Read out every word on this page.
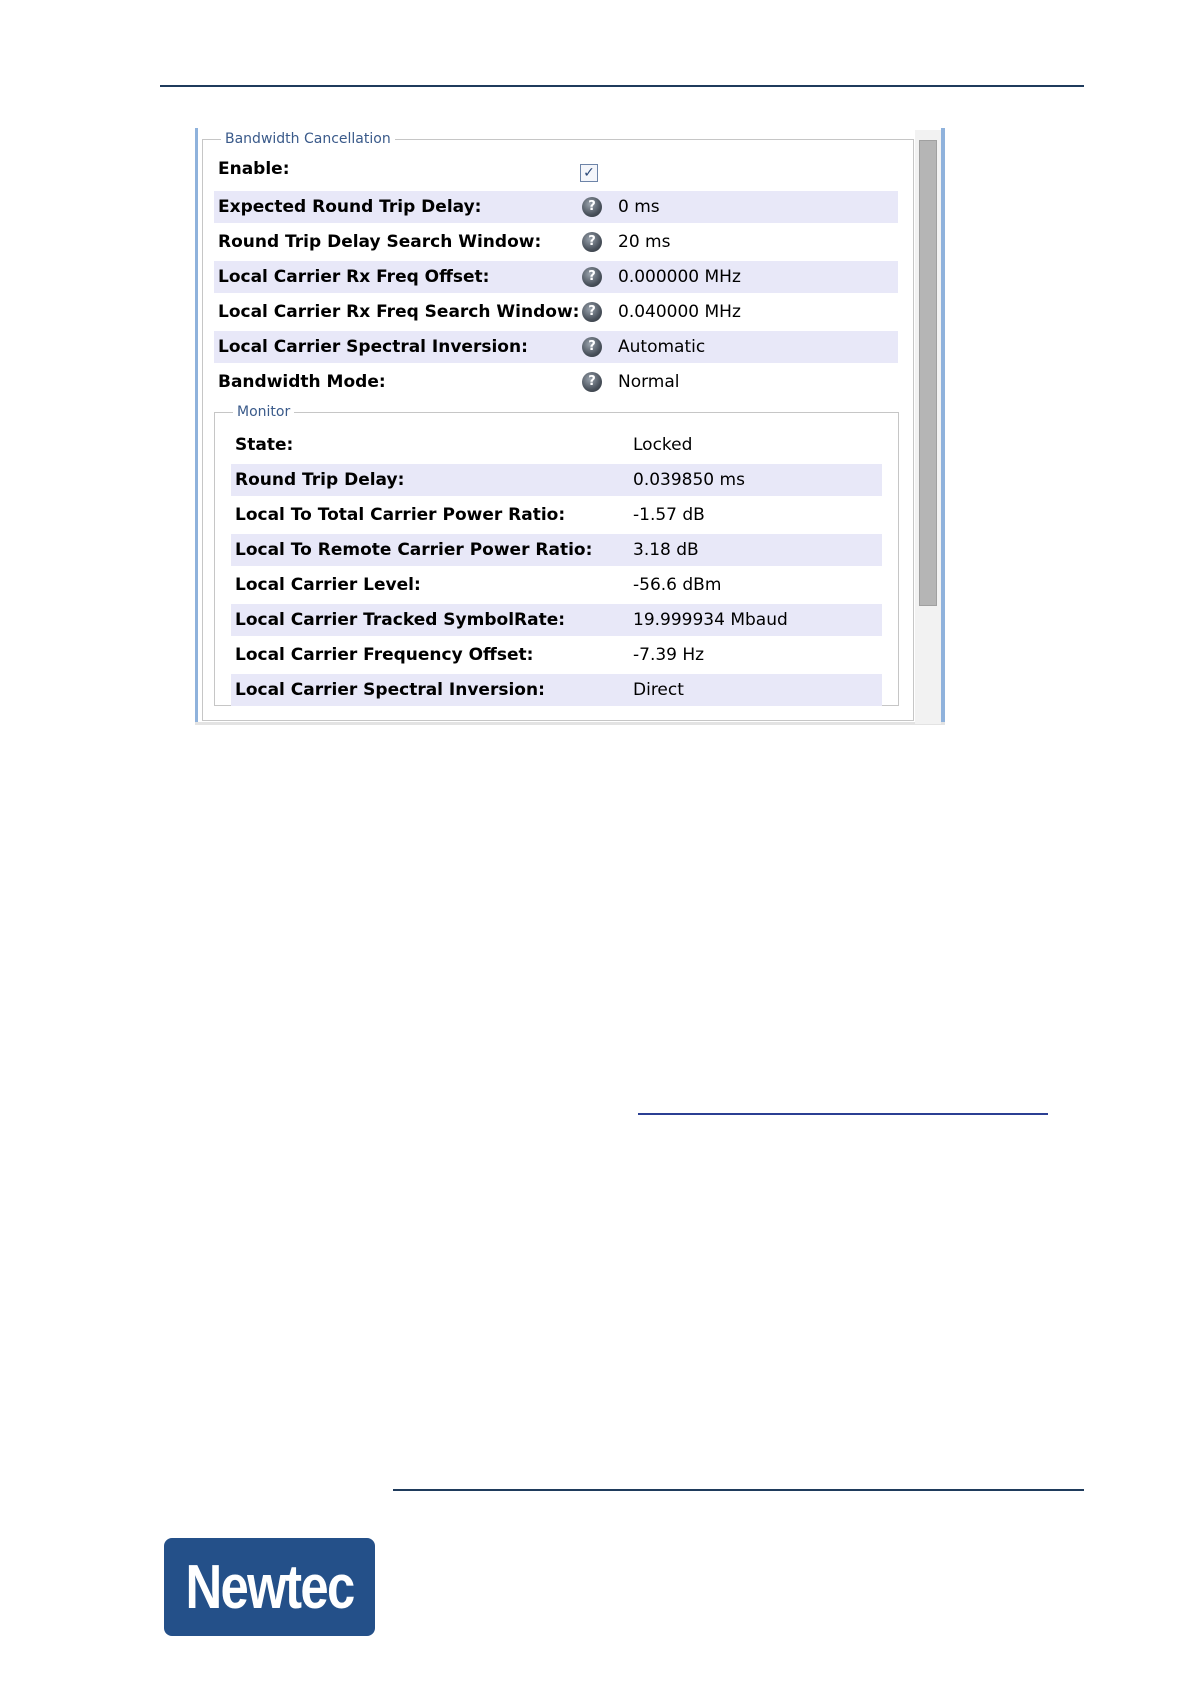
Bandwidth Cancellation
Enable:	✓
Expected Round Trip Delay:	?	0 ms
Round Trip Delay Search Window:	?	20 ms
Local Carrier Rx Freq Offset:	?	0.000000 MHz
Local Carrier Rx Freq Search Window: ?	0.040000 MHz
Local Carrier Spectral Inversion:	?	Automatic
Bandwidth Mode:	?	Normal
Monitor
State:	Locked
Round Trip Delay:	0.039850 ms
Local To Total Carrier Power Ratio:	-1.57 dB
Local To Remote Carrier Power Ratio: 3.18 dB
Local Carrier Level:	-56.6 dBm
Local Carrier Tracked SymbolRate:	19.999934 Mbaud
Local Carrier Frequency Offset:	-7.39 Hz
Local Carrier Spectral Inversion:	Direct
Newtec
